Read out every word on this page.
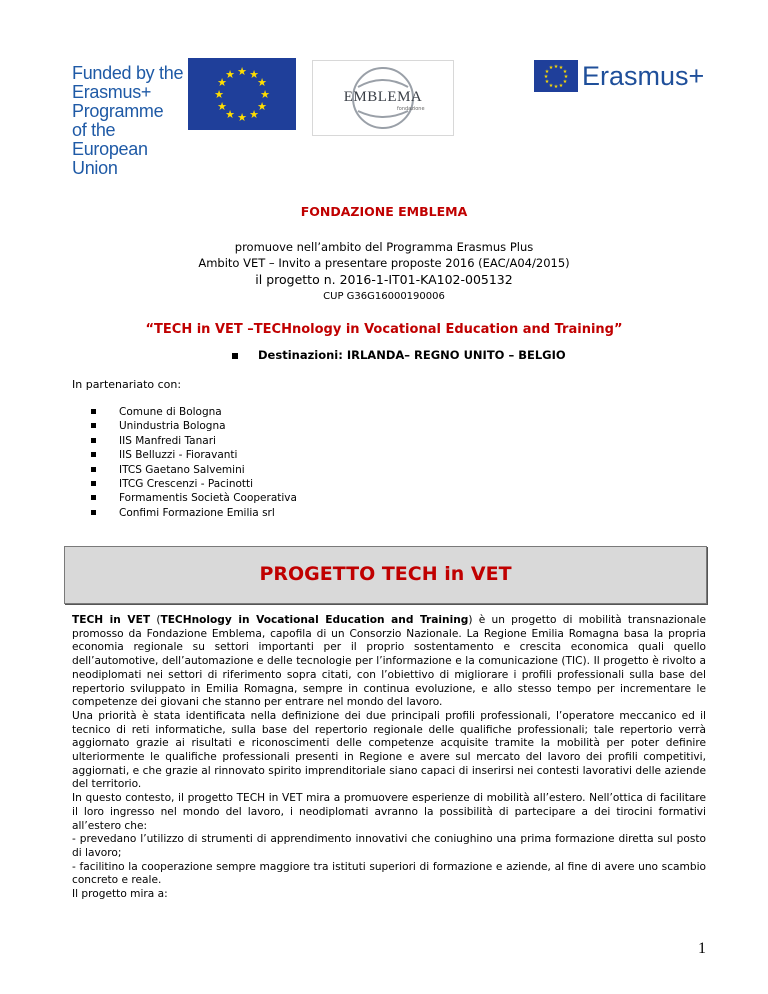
Funded by the
Erasmus+ Programme
of the European Union
★ ★
★
★
★
★
★
★
★
★
★
★
EMBLEMA
fondazione
★ ★
★
★
★
★
★
★
★
★
★
★ Erasmus+
FONDAZIONE EMBLEMA
promuove nell’ambito del Programma Erasmus Plus
Ambito VET – Invito a presentare proposte 2016 (EAC/A04/2015)
il progetto n. 2016-1-IT01-KA102-005132
CUP G36G16000190006
“TECH in VET –TECHnology in Vocational Education and Training”
Destinazioni: IRLANDA– REGNO UNITO – BELGIO
In partenariato con:
Comune di Bologna
Unindustria Bologna
IIS Manfredi Tanari
IIS Belluzzi - Fioravanti
ITCS Gaetano Salvemini
ITCG Crescenzi - Pacinotti
Formamentis Società Cooperativa
Confimi Formazione Emilia srl
PROGETTO TECH in VET

TECH in VET (TECHnology in Vocational Education and Training) è un progetto di mobilità transnazionale promosso da Fondazione Emblema, capofila di un Consorzio Nazionale. La Regione Emilia Romagna basa la propria economia regionale su settori importanti per il proprio sostentamento e crescita economica quali quello dell’automotive, dell’automazione e delle tecnologie per l’informazione e la comunicazione (TIC). Il progetto è rivolto a neodiplomati nei settori di riferimento sopra citati, con l’obiettivo di migliorare i profili professionali sulla base del repertorio sviluppato in Emilia Romagna, sempre in continua evoluzione, e allo stesso tempo per incrementare le competenze dei giovani che stanno per entrare nel mondo del lavoro.

Una priorità è stata identificata nella definizione dei due principali profili professionali, l’operatore meccanico ed il tecnico di reti informatiche, sulla base del repertorio regionale delle qualifiche professionali; tale repertorio verrà aggiornato grazie ai risultati e riconoscimenti delle competenze acquisite tramite la mobilità per poter definire ulteriormente le qualifiche professionali presenti in Regione e avere sul mercato del lavoro dei profili competitivi, aggiornati, e che grazie al rinnovato spirito imprenditoriale siano capaci di inserirsi nei contesti lavorativi delle aziende del territorio.

In questo contesto, il progetto TECH in VET mira a promuovere esperienze di mobilità all’estero. Nell’ottica di facilitare il loro ingresso nel mondo del lavoro, i neodiplomati avranno la possibilità di partecipare a dei tirocini formativi all’estero che:

- prevedano l’utilizzo di strumenti di apprendimento innovativi che coniughino una prima formazione diretta sul posto di lavoro;

- facilitino la cooperazione sempre maggiore tra istituti superiori di formazione e aziende, al fine di avere uno scambio concreto e reale.

Il progetto mira a:

1
